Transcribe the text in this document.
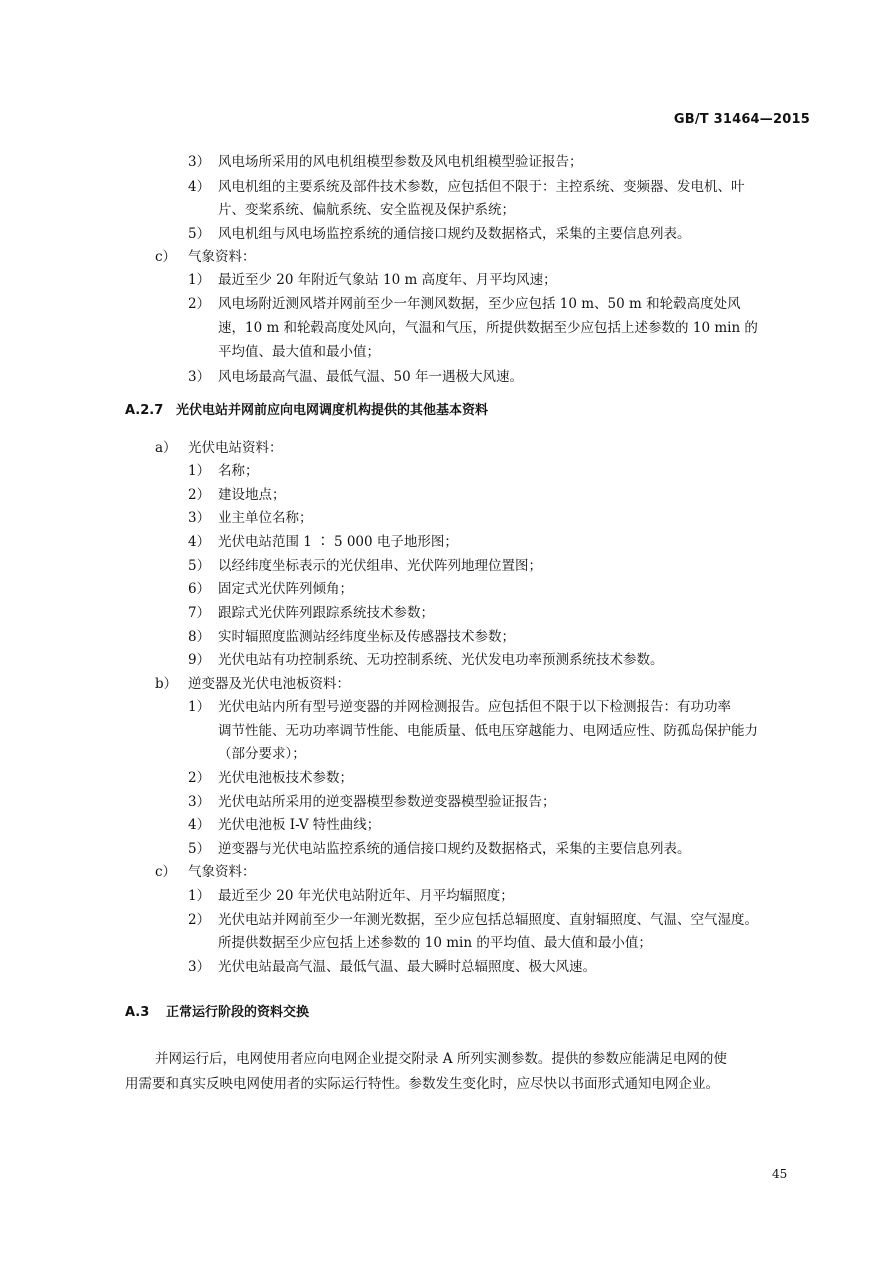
GB/T 31464—2015
3） 风电场所采用的风电机组模型参数及风电机组模型验证报告；
4） 风电机组的主要系统及部件技术参数，应包括但不限于：主控系统、变频器、发电机、叶
片、变桨系统、偏航系统、安全监视及保护系统；
5） 风电机组与风电场监控系统的通信接口规约及数据格式，采集的主要信息列表。
c） 气象资料：
1） 最近至少 20 年附近气象站 10 m 高度年、月平均风速；
2） 风电场附近测风塔并网前至少一年测风数据，至少应包括 10 m、50 m 和轮毂高度处风
速，10 m 和轮毂高度处风向，气温和气压，所提供数据至少应包括上述参数的 10 min 的
平均值、最大值和最小值；
3） 风电场最高气温、最低气温、50 年一遇极大风速。
A.2.7 光伏电站并网前应向电网调度机构提供的其他基本资料
a） 光伏电站资料：
1） 名称；
2） 建设地点；
3） 业主单位名称；
4） 光伏电站范围 1 ∶ 5 000 电子地形图；
5） 以经纬度坐标表示的光伏组串、光伏阵列地理位置图；
6） 固定式光伏阵列倾角；
7） 跟踪式光伏阵列跟踪系统技术参数；
8） 实时辐照度监测站经纬度坐标及传感器技术参数；
9） 光伏电站有功控制系统、无功控制系统、光伏发电功率预测系统技术参数。
b） 逆变器及光伏电池板资料：
1） 光伏电站内所有型号逆变器的并网检测报告。应包括但不限于以下检测报告：有功功率
调节性能、无功功率调节性能、电能质量、低电压穿越能力、电网适应性、防孤岛保护能力
（部分要求）；
2） 光伏电池板技术参数；
3） 光伏电站所采用的逆变器模型参数逆变器模型验证报告；
4） 光伏电池板 I-V 特性曲线；
5） 逆变器与光伏电站监控系统的通信接口规约及数据格式，采集的主要信息列表。
c） 气象资料：
1） 最近至少 20 年光伏电站附近年、月平均辐照度；
2） 光伏电站并网前至少一年测光数据，至少应包括总辐照度、直射辐照度、气温、空气湿度。
所提供数据至少应包括上述参数的 10 min 的平均值、最大值和最小值；
3） 光伏电站最高气温、最低气温、最大瞬时总辐照度、极大风速。
A.3 正常运行阶段的资料交换
并网运行后，电网使用者应向电网企业提交附录 A 所列实测参数。提供的参数应能满足电网的使
用需要和真实反映电网使用者的实际运行特性。参数发生变化时，应尽快以书面形式通知电网企业。
45
